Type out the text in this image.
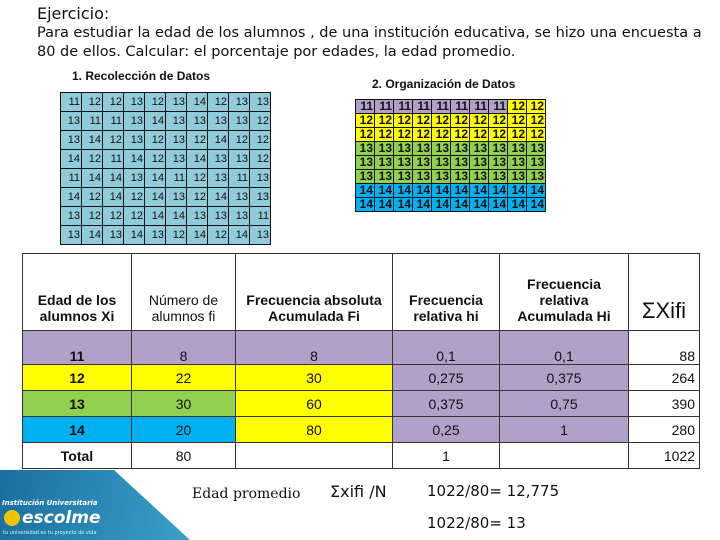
Ejercicio:
Para estudiar la edad de los alumnos , de una institución educativa, se hizo una encuesta a 80 de ellos. Calcular: el porcentaje por edades, la edad promedio.
1. Recolección de Datos
2. Organización de Datos
11	12	12	13	12	13	14	12	13	13
13	11	11	13	14	13	13	13	13	12
13	14	12	13	12	13	12	14	12	12
14	12	11	14	12	13	14	13	13	12
11	14	14	13	14	11	12	13	11	13
14	12	14	12	14	13	12	14	13	13
13	12	12	12	14	14	13	13	13	11
13	14	13	14	13	12	14	12	14	13
11	11	11	11	11	11	11	11	12	12
12	12	12	12	12	12	12	12	12	12
12	12	12	12	12	12	12	12	12	12
13	13	13	13	13	13	13	13	13	13
13	13	13	13	13	13	13	13	13	13
13	13	13	13	13	13	13	13	13	13
14	14	14	14	14	14	14	14	14	14
14	14	14	14	14	14	14	14	14	14
Edad de los alumnos Xi	Número de alumnos fi	Frecuencia absoluta Acumulada Fi	Frecuencia relativa hi	Frecuencia relativa Acumulada Hi	ΣXifi
11	8	8	0,1	0,1	88
12	22	30	0,275	0,375	264
13	30	60	0,375	0,75	390
14	20	80	0,25	1	280
Total	80		1		1022
Edad promedio Σxifi /N	1022/80= 12,775
1022/80= 13
Institución Universitaria
escolme
tu universidad es tu proyecto de vida
